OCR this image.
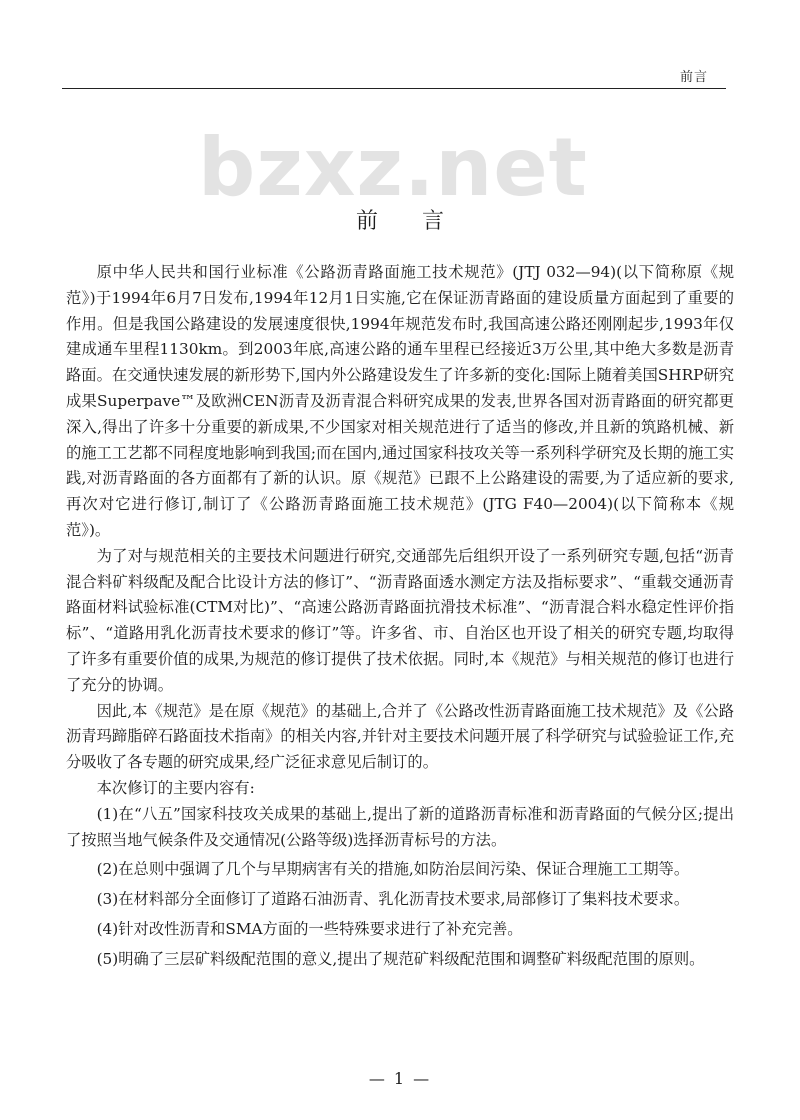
前言
bzxz.net
前言

原中华人民共和国行业标准《公路沥青路面施工技术规范》(JTJ 032—94)(以下简称原《规范》)于1994年6月7日发布,1994年12月1日实施,它在保证沥青路面的建设质量方面起到了重要的作用。但是我国公路建设的发展速度很快,1994年规范发布时,我国高速公路还刚刚起步,1993年仅建成通车里程1130km。到2003年底,高速公路的通车里程已经接近3万公里,其中绝大多数是沥青路面。在交通快速发展的新形势下,国内外公路建设发生了许多新的变化:国际上随着美国SHRP研究成果Superpave™及欧洲CEN沥青及沥青混合料研究成果的发表,世界各国对沥青路面的研究都更深入,得出了许多十分重要的新成果,不少国家对相关规范进行了适当的修改,并且新的筑路机械、新的施工工艺都不同程度地影响到我国;而在国内,通过国家科技攻关等一系列科学研究及长期的施工实践,对沥青路面的各方面都有了新的认识。原《规范》已跟不上公路建设的需要,为了适应新的要求,再次对它进行修订,制订了《公路沥青路面施工技术规范》(JTG F40—2004)(以下简称本《规范》)。

为了对与规范相关的主要技术问题进行研究,交通部先后组织开设了一系列研究专题,包括“沥青混合料矿料级配及配合比设计方法的修订”、“沥青路面透水测定方法及指标要求”、“重载交通沥青路面材料试验标准(CTM对比)”、“高速公路沥青路面抗滑技术标准”、“沥青混合料水稳定性评价指标”、“道路用乳化沥青技术要求的修订”等。许多省、市、自治区也开设了相关的研究专题,均取得了许多有重要价值的成果,为规范的修订提供了技术依据。同时,本《规范》与相关规范的修订也进行了充分的协调。

因此,本《规范》是在原《规范》的基础上,合并了《公路改性沥青路面施工技术规范》及《公路沥青玛蹄脂碎石路面技术指南》的相关内容,并针对主要技术问题开展了科学研究与试验验证工作,充分吸收了各专题的研究成果,经广泛征求意见后制订的。

本次修订的主要内容有:

(1)在“八五”国家科技攻关成果的基础上,提出了新的道路沥青标准和沥青路面的气候分区;提出了按照当地气候条件及交通情况(公路等级)选择沥青标号的方法。

(2)在总则中强调了几个与早期病害有关的措施,如防治层间污染、保证合理施工工期等。

(3)在材料部分全面修订了道路石油沥青、乳化沥青技术要求,局部修订了集料技术要求。

(4)针对改性沥青和SMA方面的一些特殊要求进行了补充完善。

(5)明确了三层矿料级配范围的意义,提出了规范矿料级配范围和调整矿料级配范围的原则。

— 1 —
